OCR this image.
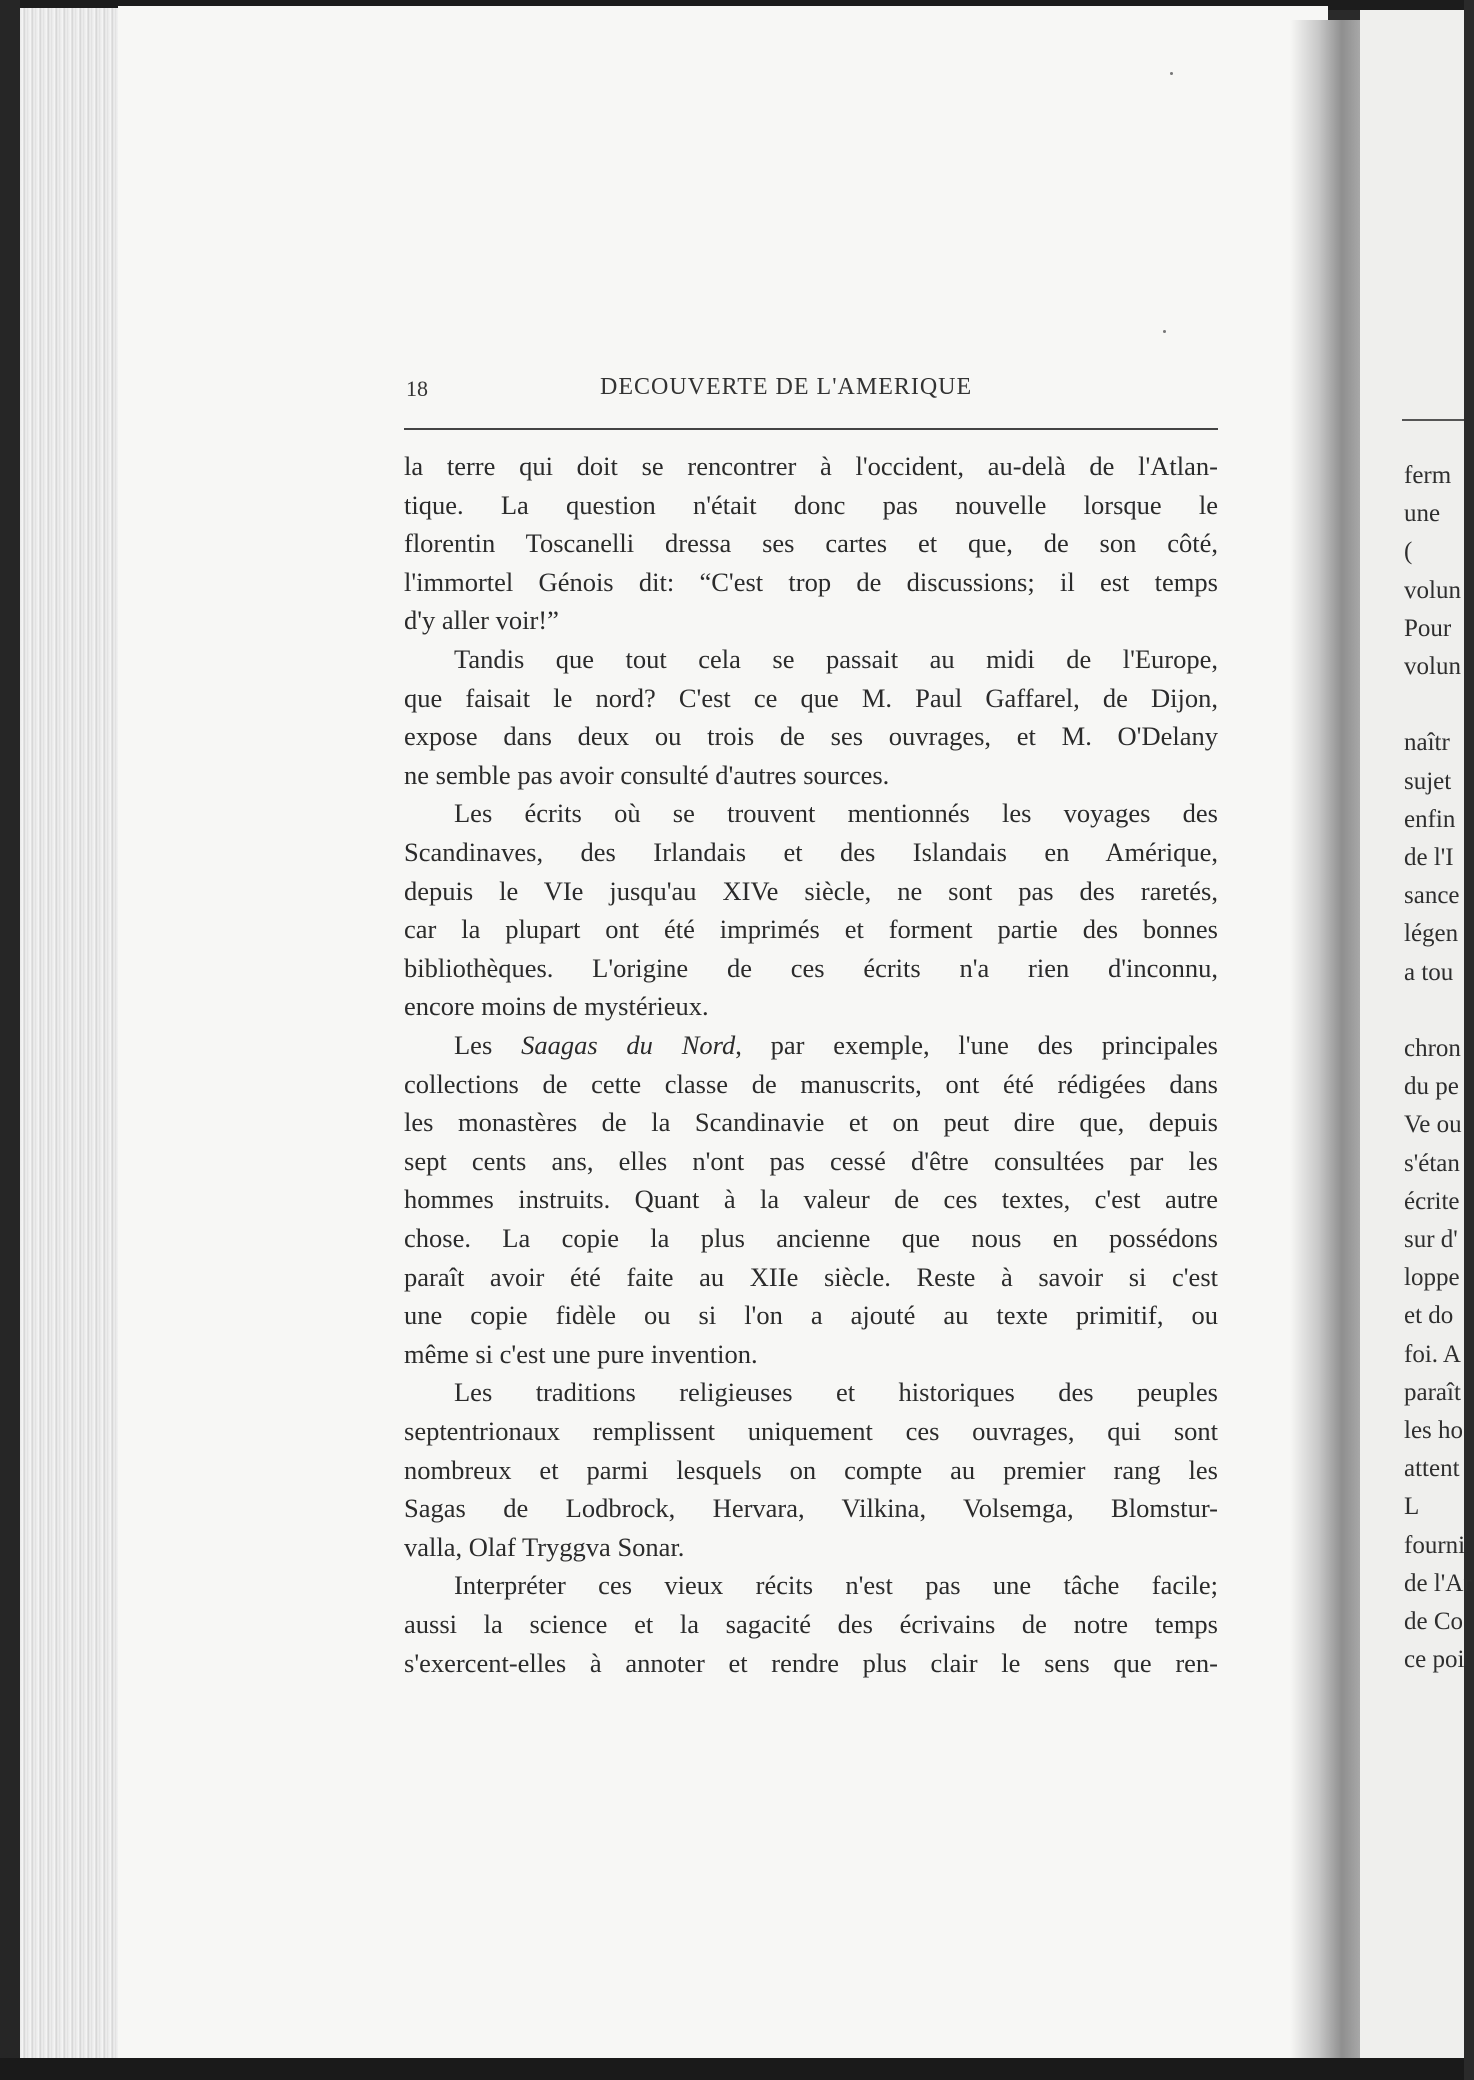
ferm
une
(
volun
Pour
volun
naîtr
sujet
enfin
de l'I
sance
légen
a tou
chron
du pe
Ve ou
s'étan
écrite
sur d'
loppe
et do
foi. A
paraît
les ho
attent
L
fourni
de l'Ar
de Co
ce poi
18	DECOUVERTE DE L'AMERIQUE
la terre qui doit se rencontrer à l'occident, au-delà de l'Atlan-
tique. La question n'était donc pas nouvelle lorsque le
florentin Toscanelli dressa ses cartes et que, de son côté,
l'immortel Génois dit: “C'est trop de discussions; il est temps
d'y aller voir!”
Tandis que tout cela se passait au midi de l'Europe,
que faisait le nord? C'est ce que M. Paul Gaffarel, de Dijon,
expose dans deux ou trois de ses ouvrages, et M. O'Delany
ne semble pas avoir consulté d'autres sources.
Les écrits où se trouvent mentionnés les voyages des
Scandinaves, des Irlandais et des Islandais en Amérique,
depuis le VIe jusqu'au XIVe siècle, ne sont pas des raretés,
car la plupart ont été imprimés et forment partie des bonnes
bibliothèques. L'origine de ces écrits n'a rien d'inconnu,
encore moins de mystérieux.
Les Saagas du Nord, par exemple, l'une des principales
collections de cette classe de manuscrits, ont été rédigées dans
les monastères de la Scandinavie et on peut dire que, depuis
sept cents ans, elles n'ont pas cessé d'être consultées par les
hommes instruits. Quant à la valeur de ces textes, c'est autre
chose. La copie la plus ancienne que nous en possédons
paraît avoir été faite au XIIe siècle. Reste à savoir si c'est
une copie fidèle ou si l'on a ajouté au texte primitif, ou
même si c'est une pure invention.
Les traditions religieuses et historiques des peuples
septentrionaux remplissent uniquement ces ouvrages, qui sont
nombreux et parmi lesquels on compte au premier rang les
Sagas de Lodbrock, Hervara, Vilkina, Volsemga, Blomstur-
valla, Olaf Tryggva Sonar.
Interpréter ces vieux récits n'est pas une tâche facile;
aussi la science et la sagacité des écrivains de notre temps
s'exercent-elles à annoter et rendre plus clair le sens que ren-
